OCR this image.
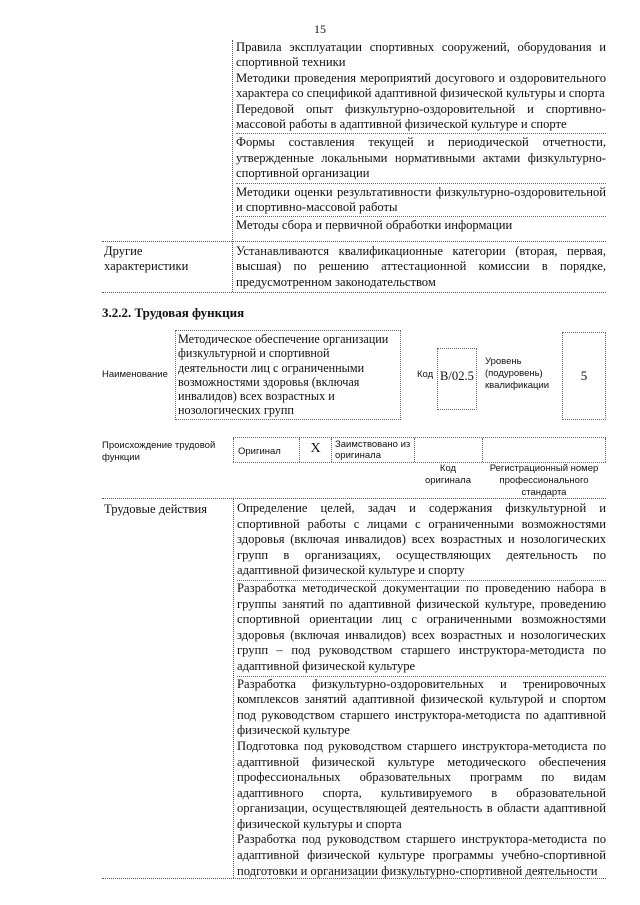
15
Правила эксплуатации спортивных сооружений, оборудования и спортивной техники
Методики проведения мероприятий досугового и оздоровительного характера со спецификой адаптивной физической культуры и спорта
Передовой опыт физкультурно-оздоровительной и спортивно-массовой работы в адаптивной физической культуре и спорте
Формы составления текущей и периодической отчетности, утвержденные локальными нормативными актами физкультурно-спортивной организации
Методики оценки результативности физкультурно-оздоровительной и спортивно-массовой работы
Методы сбора и первичной обработки информации
Другие характеристики
Устанавливаются квалификационные категории (вторая, первая, высшая) по решению аттестационной комиссии в порядке, предусмотренном законодательством
3.2.2. Трудовая функция
Наименование
Методическое обеспечение организации физкультурной и спортивной деятельности лиц с ограниченными возможностями здоровья (включая инвалидов) всех возрастных и нозологических групп
Код B/02.5
Уровень (подуровень) квалификации
5
Происхождение трудовой функции
Оригинал	X	Заимствовано из оригинала
Код оригинала
Регистрационный номер профессионального стандарта
Трудовые действия Определение целей, задач и содержания физкультурной и спортивной работы с лицами с ограниченными возможностями здоровья (включая инвалидов) всех возрастных и нозологических групп в организациях, осуществляющих деятельность по адаптивной физической культуре и спорту
Разработка методической документации по проведению набора в группы занятий по адаптивной физической культуре, проведению спортивной ориентации лиц с ограниченными возможностями здоровья (включая инвалидов) всех возрастных и нозологических групп – под руководством старшего инструктора-методиста по адаптивной физической культуре
Разработка физкультурно-оздоровительных и тренировочных комплексов занятий адаптивной физической культурой и спортом под руководством старшего инструктора-методиста по адаптивной физической культуре
Подготовка под руководством старшего инструктора-методиста по адаптивной физической культуре методического обеспечения профессиональных образовательных программ по видам адаптивного спорта, культивируемого в образовательной организации, осуществляющей деятельность в области адаптивной физической культуры и спорта
Разработка под руководством старшего инструктора-методиста по адаптивной физической культуре программы учебно-спортивной подготовки и организации физкультурно-спортивной деятельности
